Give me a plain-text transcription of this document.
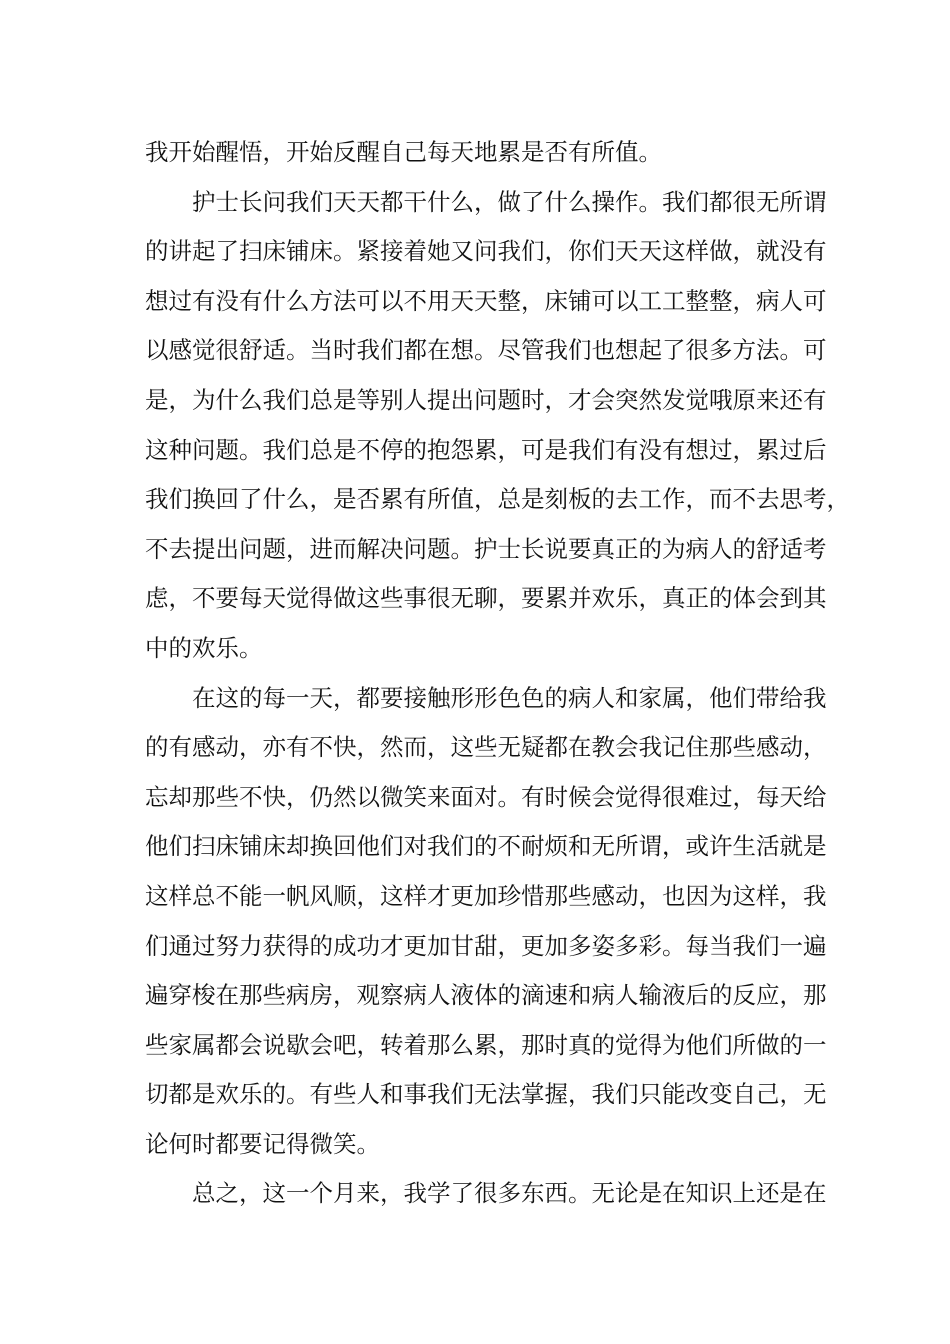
我开始醒悟，开始反醒自己每天地累是否有所值。
护士长问我们天天都干什么，做了什么操作。我们都很无所谓
的讲起了扫床铺床。紧接着她又问我们，你们天天这样做，就没有
想过有没有什么方法可以不用天天整，床铺可以工工整整，病人可
以感觉很舒适。当时我们都在想。尽管我们也想起了很多方法。可
是，为什么我们总是等别人提出问题时，才会突然发觉哦原来还有
这种问题。我们总是不停的抱怨累，可是我们有没有想过，累过后
我们换回了什么，是否累有所值，总是刻板的去工作，而不去思考，
不去提出问题，进而解决问题。护士长说要真正的为病人的舒适考
虑，不要每天觉得做这些事很无聊，要累并欢乐，真正的体会到其
中的欢乐。
在这的每一天，都要接触形形色色的病人和家属，他们带给我
的有感动，亦有不快，然而，这些无疑都在教会我记住那些感动，
忘却那些不快，仍然以微笑来面对。有时候会觉得很难过，每天给
他们扫床铺床却换回他们对我们的不耐烦和无所谓，或许生活就是
这样总不能一帆风顺，这样才更加珍惜那些感动，也因为这样，我
们通过努力获得的成功才更加甘甜，更加多姿多彩。每当我们一遍
遍穿梭在那些病房，观察病人液体的滴速和病人输液后的反应，那
些家属都会说歇会吧，转着那么累，那时真的觉得为他们所做的一
切都是欢乐的。有些人和事我们无法掌握，我们只能改变自己，无
论何时都要记得微笑。
总之，这一个月来，我学了很多东西。无论是在知识上还是在
